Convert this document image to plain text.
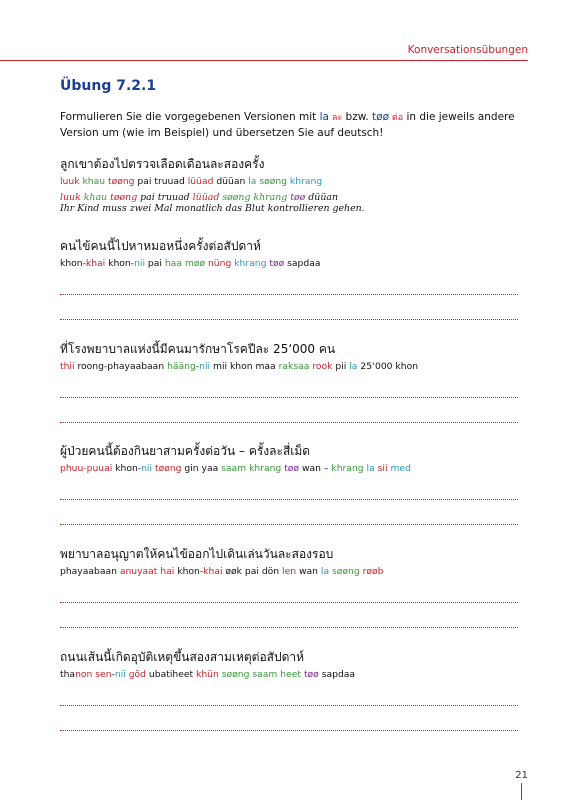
Konversationsübungen
Übung 7.2.1
Formulieren Sie die vorgegebenen Versionen mit la ละ bzw. tøø ต่อ in die jeweils andere Version um (wie im Beispiel) und übersetzen Sie auf deutsch!

ลูกเขาต้องไปตรวจเลือดเดือนละสองครั้ง

luuk khau tøøng pai truuad lüüad düüan la søøng khrang

luuk khau tøøng pai truuad lüüad søøng khrang tøø düüan

Ihr Kind muss zwei Mal monatlich das Blut kontrollieren gehen.

คนไข้คนนี้ไปหาหมอหนึ่งครั้งต่อสัปดาห์

khon-khai khon-nii pai haa møø nüng khrang tøø sapdaa

ที่โรงพยาบาลแห่งนี้มีคนมารักษาโรคปีละ 25‘000 คน

thii roong-phayaabaan hääng-nii mii khon maa raksaa rook pii la 25‘000 khon

ผู้ป่วยคนนี้ต้องกินยาสามครั้งต่อวัน – ครั้งละสี่เม็ด

phuu-puuai khon-nii tøøng gin yaa saam khrang tøø wan – khrang la sii med

พยาบาลอนุญาตให้คนไข้ออกไปเดินเล่นวันละสองรอบ

phayaabaan anuyaat hai khon-khai øøk pai dön len wan la søøng røøb

ถนนเส้นนี้เกิดอุบัติเหตุขึ้นสองสามเหตุต่อสัปดาห์

thanon sen-nii göd ubatiheet khün søøng saam heet tøø sapdaa

21
